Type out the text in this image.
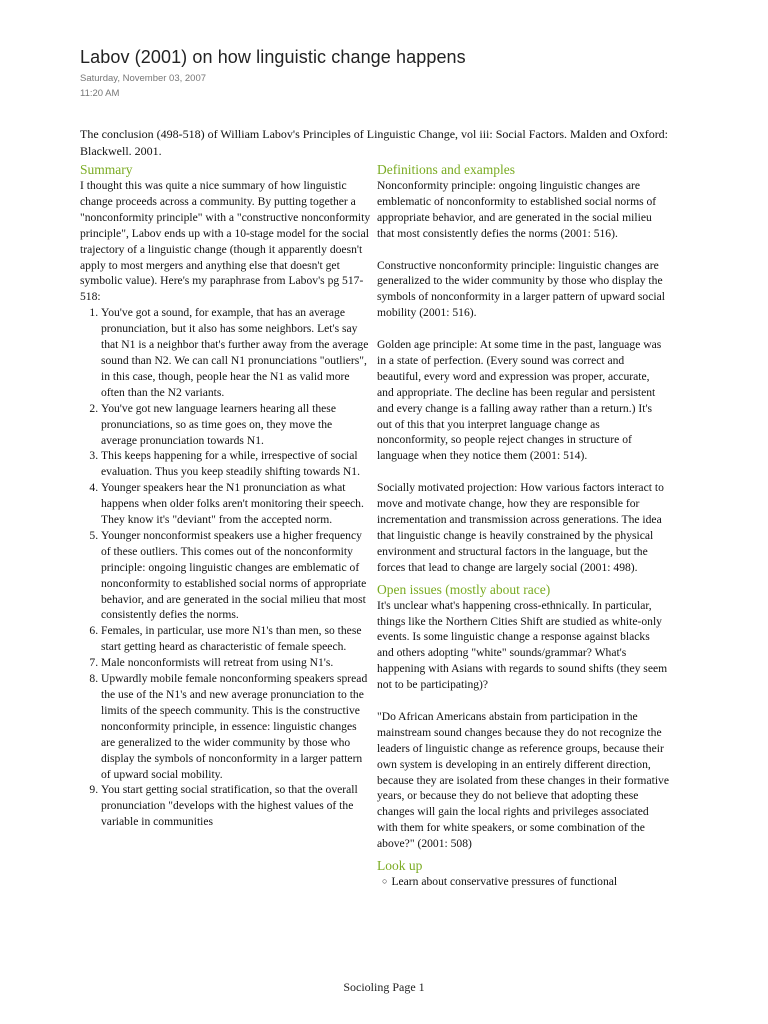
Labov (2001) on how linguistic change happens
Saturday, November 03, 2007
11:20 AM
The conclusion (498-518) of William Labov's Principles of Linguistic Change, vol iii: Social Factors. Malden and Oxford: Blackwell. 2001.
Summary

I thought this was quite a nice summary of how linguistic change proceeds across a community. By putting together a "nonconformity principle" with a "constructive nonconformity principle", Labov ends up with a 10-stage model for the social trajectory of a linguistic change (though it apparently doesn't apply to most mergers and anything else that doesn't get symbolic value). Here's my paraphrase from Labov's pg 517-518:

1. You've got a sound, for example, that has an average pronunciation, but it also has some neighbors. Let's say that N1 is a neighbor that's further away from the average sound than N2. We can call N1 pronunciations "outliers", in this case, though, people hear the N1 as valid more often than the N2 variants.
2. You've got new language learners hearing all these pronunciations, so as time goes on, they move the average pronunciation towards N1.
3. This keeps happening for a while, irrespective of social evaluation. Thus you keep steadily shifting towards N1.
4. Younger speakers hear the N1 pronunciation as what happens when older folks aren't monitoring their speech. They know it's "deviant" from the accepted norm.
5. Younger nonconformist speakers use a higher frequency of these outliers. This comes out of the nonconformity principle: ongoing linguistic changes are emblematic of nonconformity to established social norms of appropriate behavior, and are generated in the social milieu that most consistently defies the norms.
6. Females, in particular, use more N1's than men, so these start getting heard as characteristic of female speech.
7. Male nonconformists will retreat from using N1's.
8. Upwardly mobile female nonconforming speakers spread the use of the N1's and new average pronunciation to the limits of the speech community. This is the constructive nonconformity principle, in essence: linguistic changes are generalized to the wider community by those who display the symbols of nonconformity in a larger pattern of upward social mobility.
9. You start getting social stratification, so that the overall pronunciation "develops with the highest values of the variable in communities
Definitions and examples

Nonconformity principle: ongoing linguistic changes are emblematic of nonconformity to established social norms of appropriate behavior, and are generated in the social milieu that most consistently defies the norms (2001: 516).

Constructive nonconformity principle: linguistic changes are generalized to the wider community by those who display the symbols of nonconformity in a larger pattern of upward social mobility (2001: 516).

Golden age principle: At some time in the past, language was in a state of perfection. (Every sound was correct and beautiful, every word and expression was proper, accurate, and appropriate. The decline has been regular and persistent and every change is a falling away rather than a return.) It's out of this that you interpret language change as nonconformity, so people reject changes in structure of language when they notice them (2001: 514).

Socially motivated projection: How various factors interact to move and motivate change, how they are responsible for incrementation and transmission across generations. The idea that linguistic change is heavily constrained by the physical environment and structural factors in the language, but the forces that lead to change are largely social (2001: 498).

Open issues (mostly about race)

It's unclear what's happening cross-ethnically. In particular, things like the Northern Cities Shift are studied as white-only events. Is some linguistic change a response against blacks and others adopting "white" sounds/grammar? What's happening with Asians with regards to sound shifts (they seem not to be participating)?

"Do African Americans abstain from participation in the mainstream sound changes because they do not recognize the leaders of linguistic change as reference groups, because their own system is developing in an entirely different direction, because they are isolated from these changes in their formative years, or because they do not believe that adopting these changes will gain the local rights and privileges associated with them for white speakers, or some combination of the above?" (2001: 508)

Look up
○ Learn about conservative pressures of functional
Socioling Page 1
